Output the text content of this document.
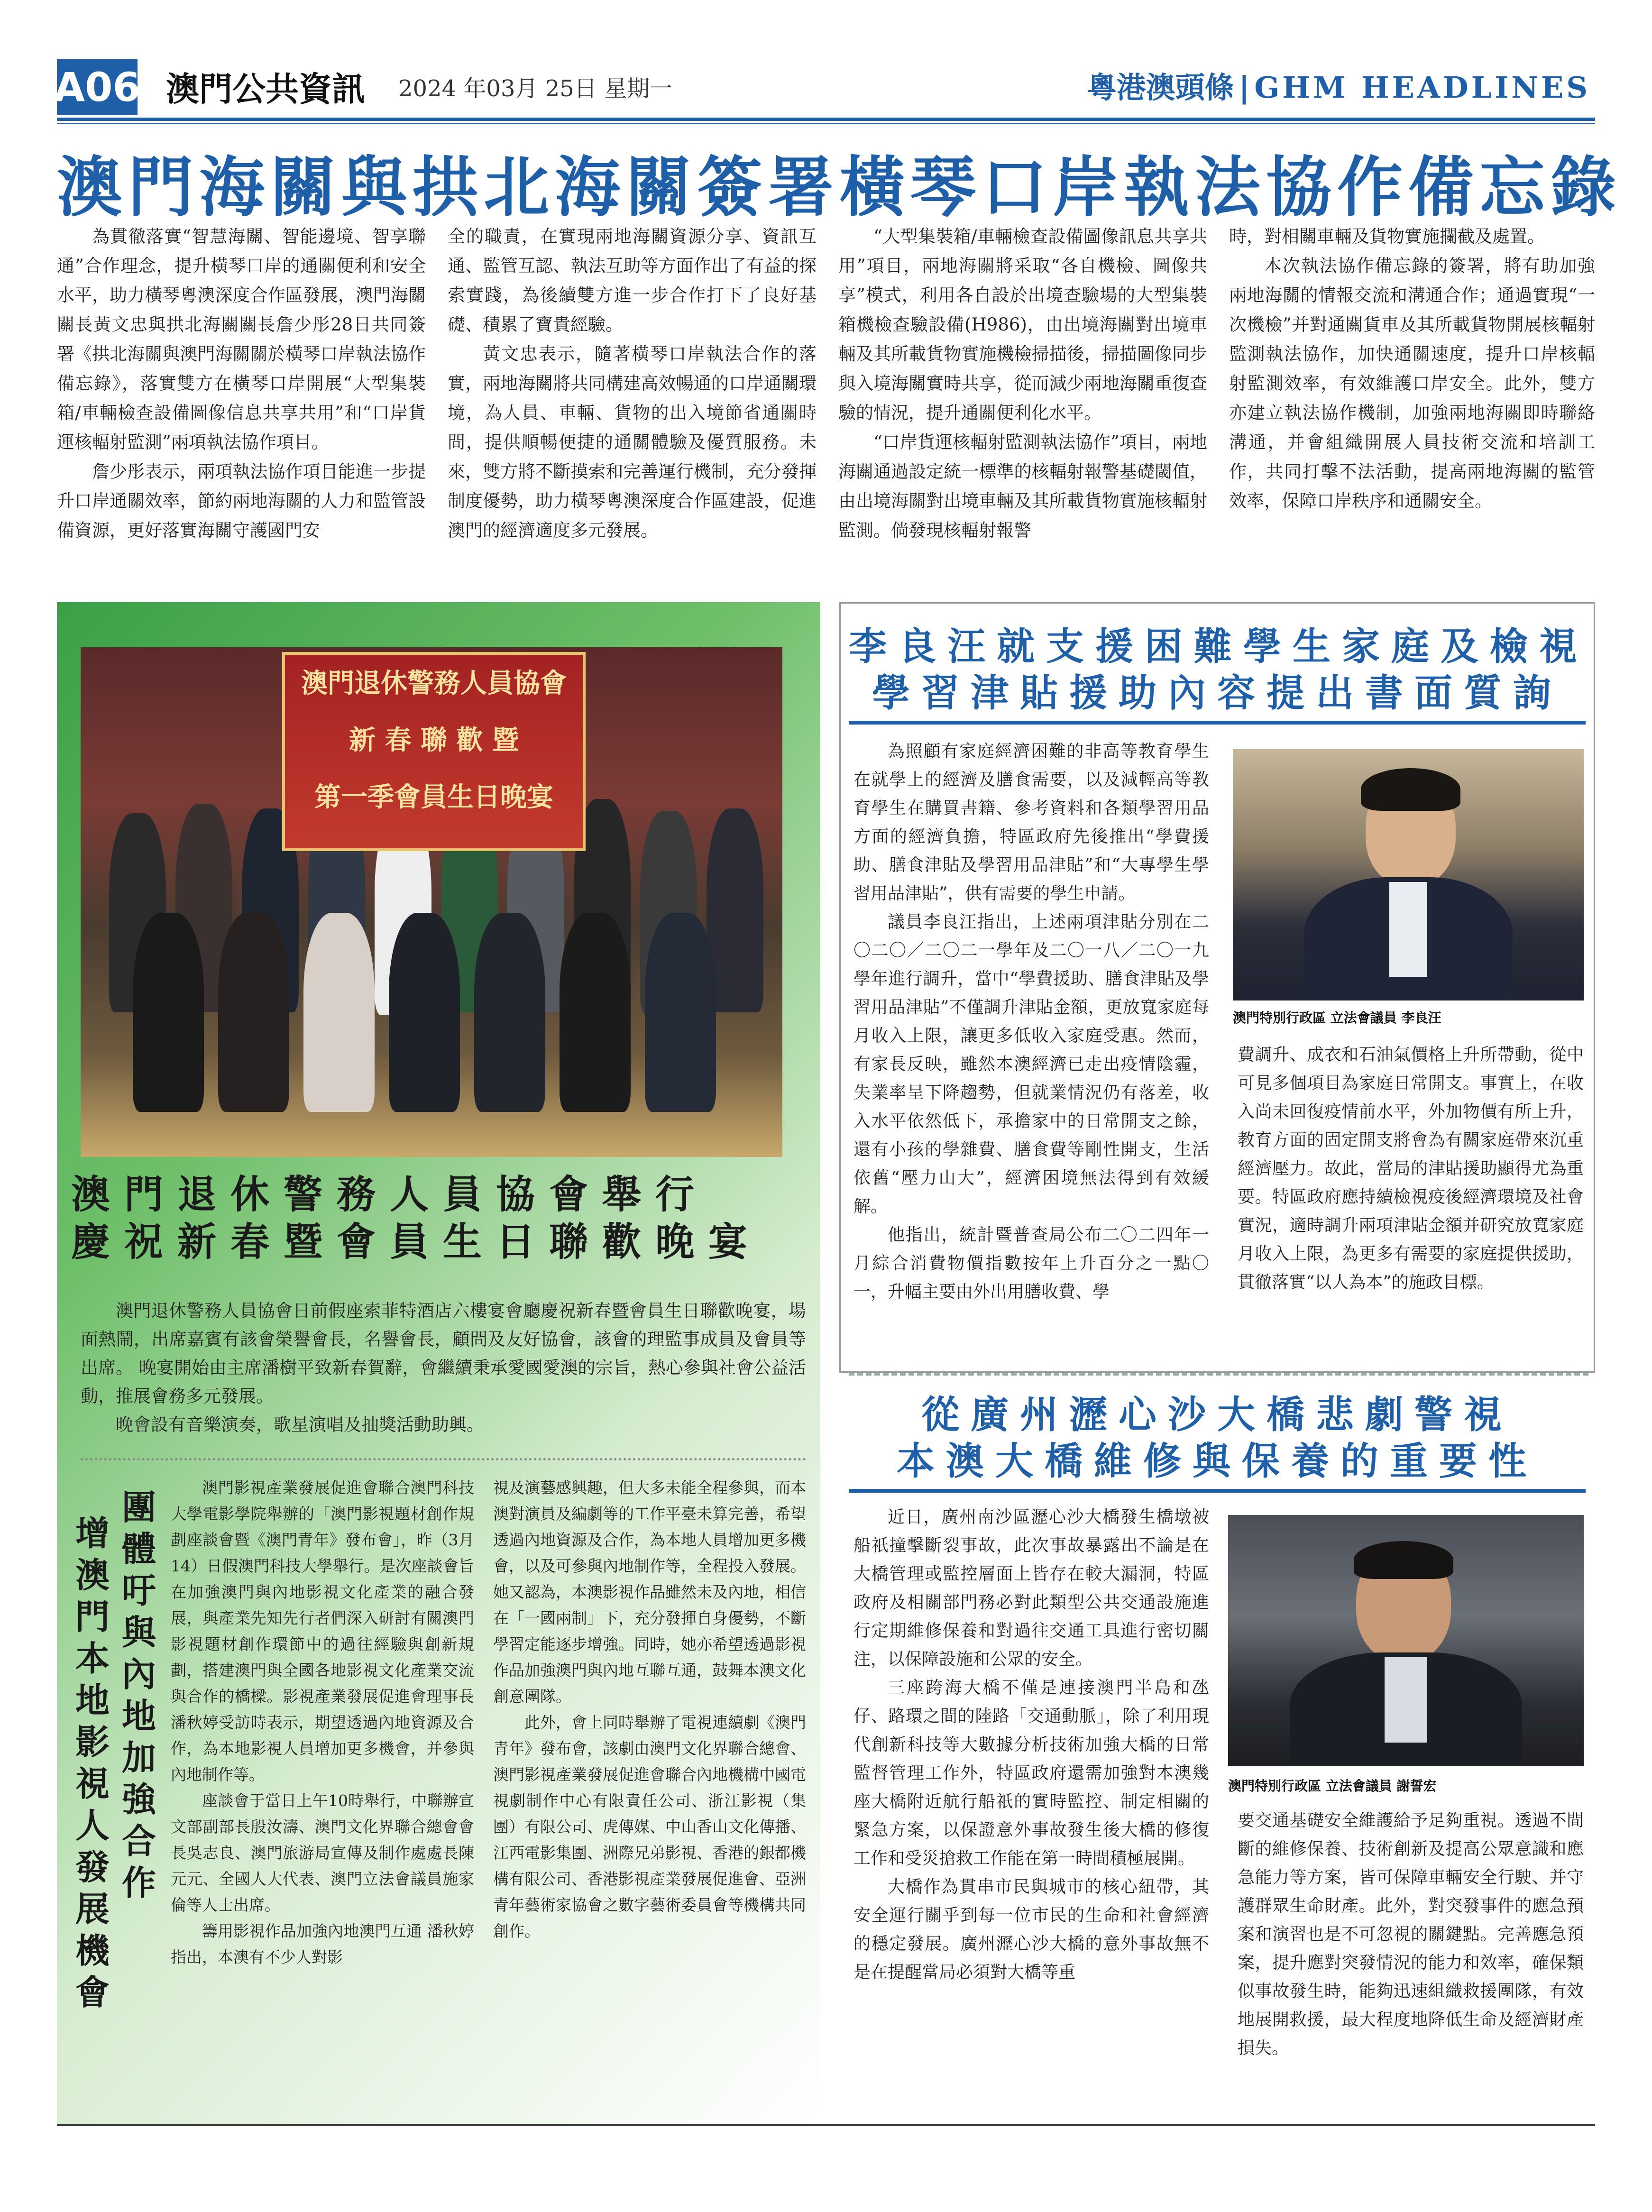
A06 澳門公共資訊 2024 年03月 25日 星期一	粵港澳頭條 | GHM HEADLINES
澳門海關與拱北海關簽署橫琴口岸執法協作備忘錄

為貫徹落實“智慧海關、智能邊境、智享聯通”合作理念，提升橫琴口岸的通關便利和安全水平，助力橫琴粵澳深度合作區發展，澳門海關關長黃文忠與拱北海關關長詹少彤28日共同簽署《拱北海關與澳門海關關於橫琴口岸執法協作備忘錄》，落實雙方在橫琴口岸開展“大型集裝箱/車輛檢查設備圖像信息共享共用”和“口岸貨運核輻射監測”兩項執法協作項目。

詹少彤表示，兩項執法協作項目能進一步提升口岸通關效率，節約兩地海關的人力和監管設備資源，更好落實海關守護國門安

全的職責，在實現兩地海關資源分享、資訊互通、監管互認、執法互助等方面作出了有益的探索實踐，為後續雙方進一步合作打下了良好基礎、積累了寶貴經驗。

黃文忠表示，隨著橫琴口岸執法合作的落實，兩地海關將共同構建高效暢通的口岸通關環境，為人員、車輛、貨物的出入境節省通關時間，提供順暢便捷的通關體驗及優質服務。未來，雙方將不斷摸索和完善運行機制，充分發揮制度優勢，助力橫琴粵澳深度合作區建設，促進澳門的經濟適度多元發展。

“大型集裝箱/車輛檢查設備圖像訊息共享共用”項目，兩地海關將采取“各自機檢、圖像共享”模式，利用各自設於出境查驗場的大型集裝箱機檢查驗設備(H986)，由出境海關對出境車輛及其所載貨物實施機檢掃描後，掃描圖像同步與入境海關實時共享，從而減少兩地海關重復查驗的情況，提升通關便利化水平。

“口岸貨運核輻射監測執法協作”項目，兩地海關通過設定統一標準的核輻射報警基礎閾值，由出境海關對出境車輛及其所載貨物實施核輻射監測。倘發現核輻射報警

時，對相關車輛及貨物實施攔截及處置。

本次執法協作備忘錄的簽署，將有助加強兩地海關的情報交流和溝通合作；通過實現“一次機檢”并對通關貨車及其所載貨物開展核輻射監測執法協作，加快通關速度，提升口岸核輻射監測效率，有效維護口岸安全。此外，雙方亦建立執法協作機制，加強兩地海關即時聯絡溝通，并會組織開展人員技術交流和培訓工作，共同打擊不法活動，提高兩地海關的監管效率，保障口岸秩序和通關安全。

澳門退休警務人員協會
新 春 聯 歡 暨
第一季會員生日晚宴
澳門退休警務人員協會舉行
慶祝新春暨會員生日聯歡晚宴

澳門退休警務人員協會日前假座索菲特酒店六樓宴會廳慶祝新春暨會員生日聯歡晚宴，場面熱鬧，出席嘉賓有該會榮譽會長，名譽會長，顧問及友好協會，該會的理監事成員及會員等出席。 晚宴開始由主席潘樹平致新春賀辭，會繼續秉承愛國愛澳的宗旨，熱心參與社會公益活動，推展會務多元發展。

晚會設有音樂演奏，歌星演唱及抽獎活動助興。

團體吁與內地加強合作
增澳門本地影視人發展機會

澳門影視產業發展促進會聯合澳門科技大學電影學院舉辦的「澳門影視題材創作規劃座談會暨《澳門青年》發布會」，昨（3月14）日假澳門科技大學舉行。是次座談會旨在加強澳門與內地影視文化產業的融合發展，與產業先知先行者們深入研討有關澳門影視題材創作環節中的過往經驗與創新規劃，搭建澳門與全國各地影視文化產業交流與合作的橋樑。影視產業發展促進會理事長潘秋婷受訪時表示，期望透過內地資源及合作，為本地影視人員增加更多機會，并參與內地制作等。

座談會于當日上午10時舉行，中聯辦宣文部副部長殷汝濤、澳門文化界聯合總會會長吳志良、澳門旅游局宣傳及制作處處長陳元元、全國人大代表、澳門立法會議員施家倫等人士出席。

籌用影視作品加強內地澳門互通 潘秋婷指出，本澳有不少人對影

視及演藝感興趣，但大多未能全程參與，而本澳對演員及編劇等的工作平臺未算完善，希望透過內地資源及合作，為本地人員增加更多機會，以及可參與內地制作等，全程投入發展。她又認為，本澳影視作品雖然未及內地，相信在「一國兩制」下，充分發揮自身優勢，不斷學習定能逐步增強。同時，她亦希望透過影視作品加強澳門與內地互聯互通，鼓舞本澳文化創意團隊。

此外，會上同時舉辦了電視連續劇《澳門青年》發布會，該劇由澳門文化界聯合總會、澳門影視產業發展促進會聯合內地機構中國電視劇制作中心有限責任公司、浙江影視（集團）有限公司、虎傳媒、中山香山文化傳播、江西電影集團、洲際兄弟影視、香港的銀都機構有限公司、香港影視產業發展促進會、亞洲青年藝術家協會之數字藝術委員會等機構共同創作。

李良汪就支援困難學生家庭及檢視
學習津貼援助內容提出書面質詢

為照顧有家庭經濟困難的非高等教育學生在就學上的經濟及膳食需要，以及減輕高等教育學生在購買書籍、參考資料和各類學習用品方面的經濟負擔，特區政府先後推出“學費援助、膳食津貼及學習用品津貼”和“大專學生學習用品津貼”，供有需要的學生申請。

議員李良汪指出，上述兩項津貼分別在二〇二〇／二〇二一學年及二〇一八／二〇一九學年進行調升，當中“學費援助、膳食津貼及學習用品津貼”不僅調升津貼金額，更放寬家庭每月收入上限，讓更多低收入家庭受惠。然而，有家長反映，雖然本澳經濟已走出疫情陰霾，失業率呈下降趨勢，但就業情況仍有落差，收入水平依然低下，承擔家中的日常開支之餘，還有小孩的學雜費、膳食費等剛性開支，生活依舊“壓力山大”，經濟困境無法得到有效緩解。

他指出，統計暨普查局公布二〇二四年一月綜合消費物價指數按年上升百分之一點〇一，升幅主要由外出用膳收費、學

澳門特別行政區 立法會議員 李良汪

費調升、成衣和石油氣價格上升所帶動，從中可見多個項目為家庭日常開支。事實上，在收入尚未回復疫情前水平，外加物價有所上升，教育方面的固定開支將會為有關家庭帶來沉重經濟壓力。故此，當局的津貼援助顯得尤為重要。特區政府應持續檢視疫後經濟環境及社會實況，適時調升兩項津貼金額并研究放寬家庭月收入上限，為更多有需要的家庭提供援助，貫徹落實“以人為本”的施政目標。

從廣州瀝心沙大橋悲劇警視
本澳大橋維修與保養的重要性

近日，廣州南沙區瀝心沙大橋發生橋墩被船祇撞擊斷裂事故，此次事故暴露出不論是在大橋管理或監控層面上皆存在較大漏洞，特區政府及相關部門務必對此類型公共交通設施進行定期維修保養和對過往交通工具進行密切關注，以保障設施和公眾的安全。

三座跨海大橋不僅是連接澳門半島和氹仔、路環之間的陸路「交通動脈」，除了利用現代創新科技等大數據分析技術加強大橋的日常監督管理工作外，特區政府還需加強對本澳幾座大橋附近航行船祇的實時監控、制定相關的緊急方案，以保證意外事故發生後大橋的修復工作和受災搶救工作能在第一時間積極展開。

大橋作為貫串市民與城市的核心紐帶，其安全運行關乎到每一位市民的生命和社會經濟的穩定發展。廣州瀝心沙大橋的意外事故無不是在提醒當局必須對大橋等重

澳門特別行政區 立法會議員 謝誓宏

要交通基礎安全維護給予足夠重視。透過不間斷的維修保養、技術創新及提高公眾意識和應急能力等方案，皆可保障車輛安全行駛、并守護群眾生命財產。此外，對突發事件的應急預案和演習也是不可忽視的關鍵點。完善應急預案，提升應對突發情況的能力和效率，確保類似事故發生時，能夠迅速組織救援團隊，有效地展開救援，最大程度地降低生命及經濟財產損失。
